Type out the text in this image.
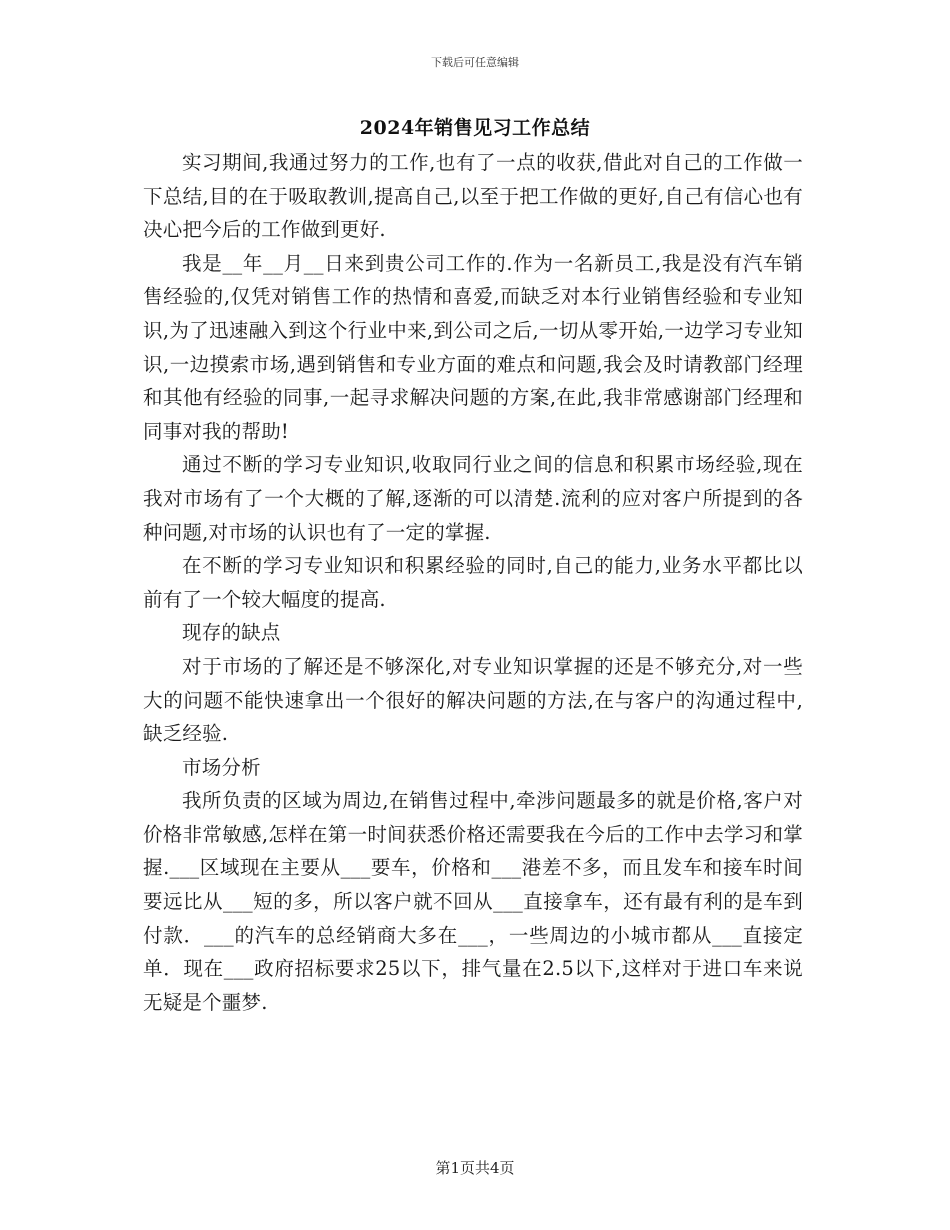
下载后可任意编辑
2024年销售见习工作总结

实习期间,我通过努力的工作,也有了一点的收获,借此对自己的工作做一下总结,目的在于吸取教训,提高自己,以至于把工作做的更好,自己有信心也有决心把今后的工作做到更好.

我是__年__月__日来到贵公司工作的.作为一名新员工,我是没有汽车销售经验的,仅凭对销售工作的热情和喜爱,而缺乏对本行业销售经验和专业知识,为了迅速融入到这个行业中来,到公司之后,一切从零开始,一边学习专业知识,一边摸索市场,遇到销售和专业方面的难点和问题,我会及时请教部门经理和其他有经验的同事,一起寻求解决问题的方案,在此,我非常感谢部门经理和同事对我的帮助!

通过不断的学习专业知识,收取同行业之间的信息和积累市场经验,现在我对市场有了一个大概的了解,逐渐的可以清楚.流利的应对客户所提到的各种问题,对市场的认识也有了一定的掌握.

在不断的学习专业知识和积累经验的同时,自己的能力,业务水平都比以前有了一个较大幅度的提高.

现存的缺点

对于市场的了解还是不够深化,对专业知识掌握的还是不够充分,对一些大的问题不能快速拿出一个很好的解决问题的方法,在与客户的沟通过程中,缺乏经验.

市场分析

我所负责的区域为周边,在销售过程中,牵涉问题最多的就是价格,客户对价格非常敏感,怎样在第一时间获悉价格还需要我在今后的工作中去学习和掌握.___区域现在主要从___要车，价格和___港差不多，而且发车和接车时间要远比从___短的多，所以客户就不回从___直接拿车，还有最有利的是车到付款．___的汽车的总经销商大多在___，一些周边的小城市都从___直接定单．现在___政府招标要求25以下，排气量在2.5以下,这样对于进口车来说无疑是个噩梦.

第1页共4页
